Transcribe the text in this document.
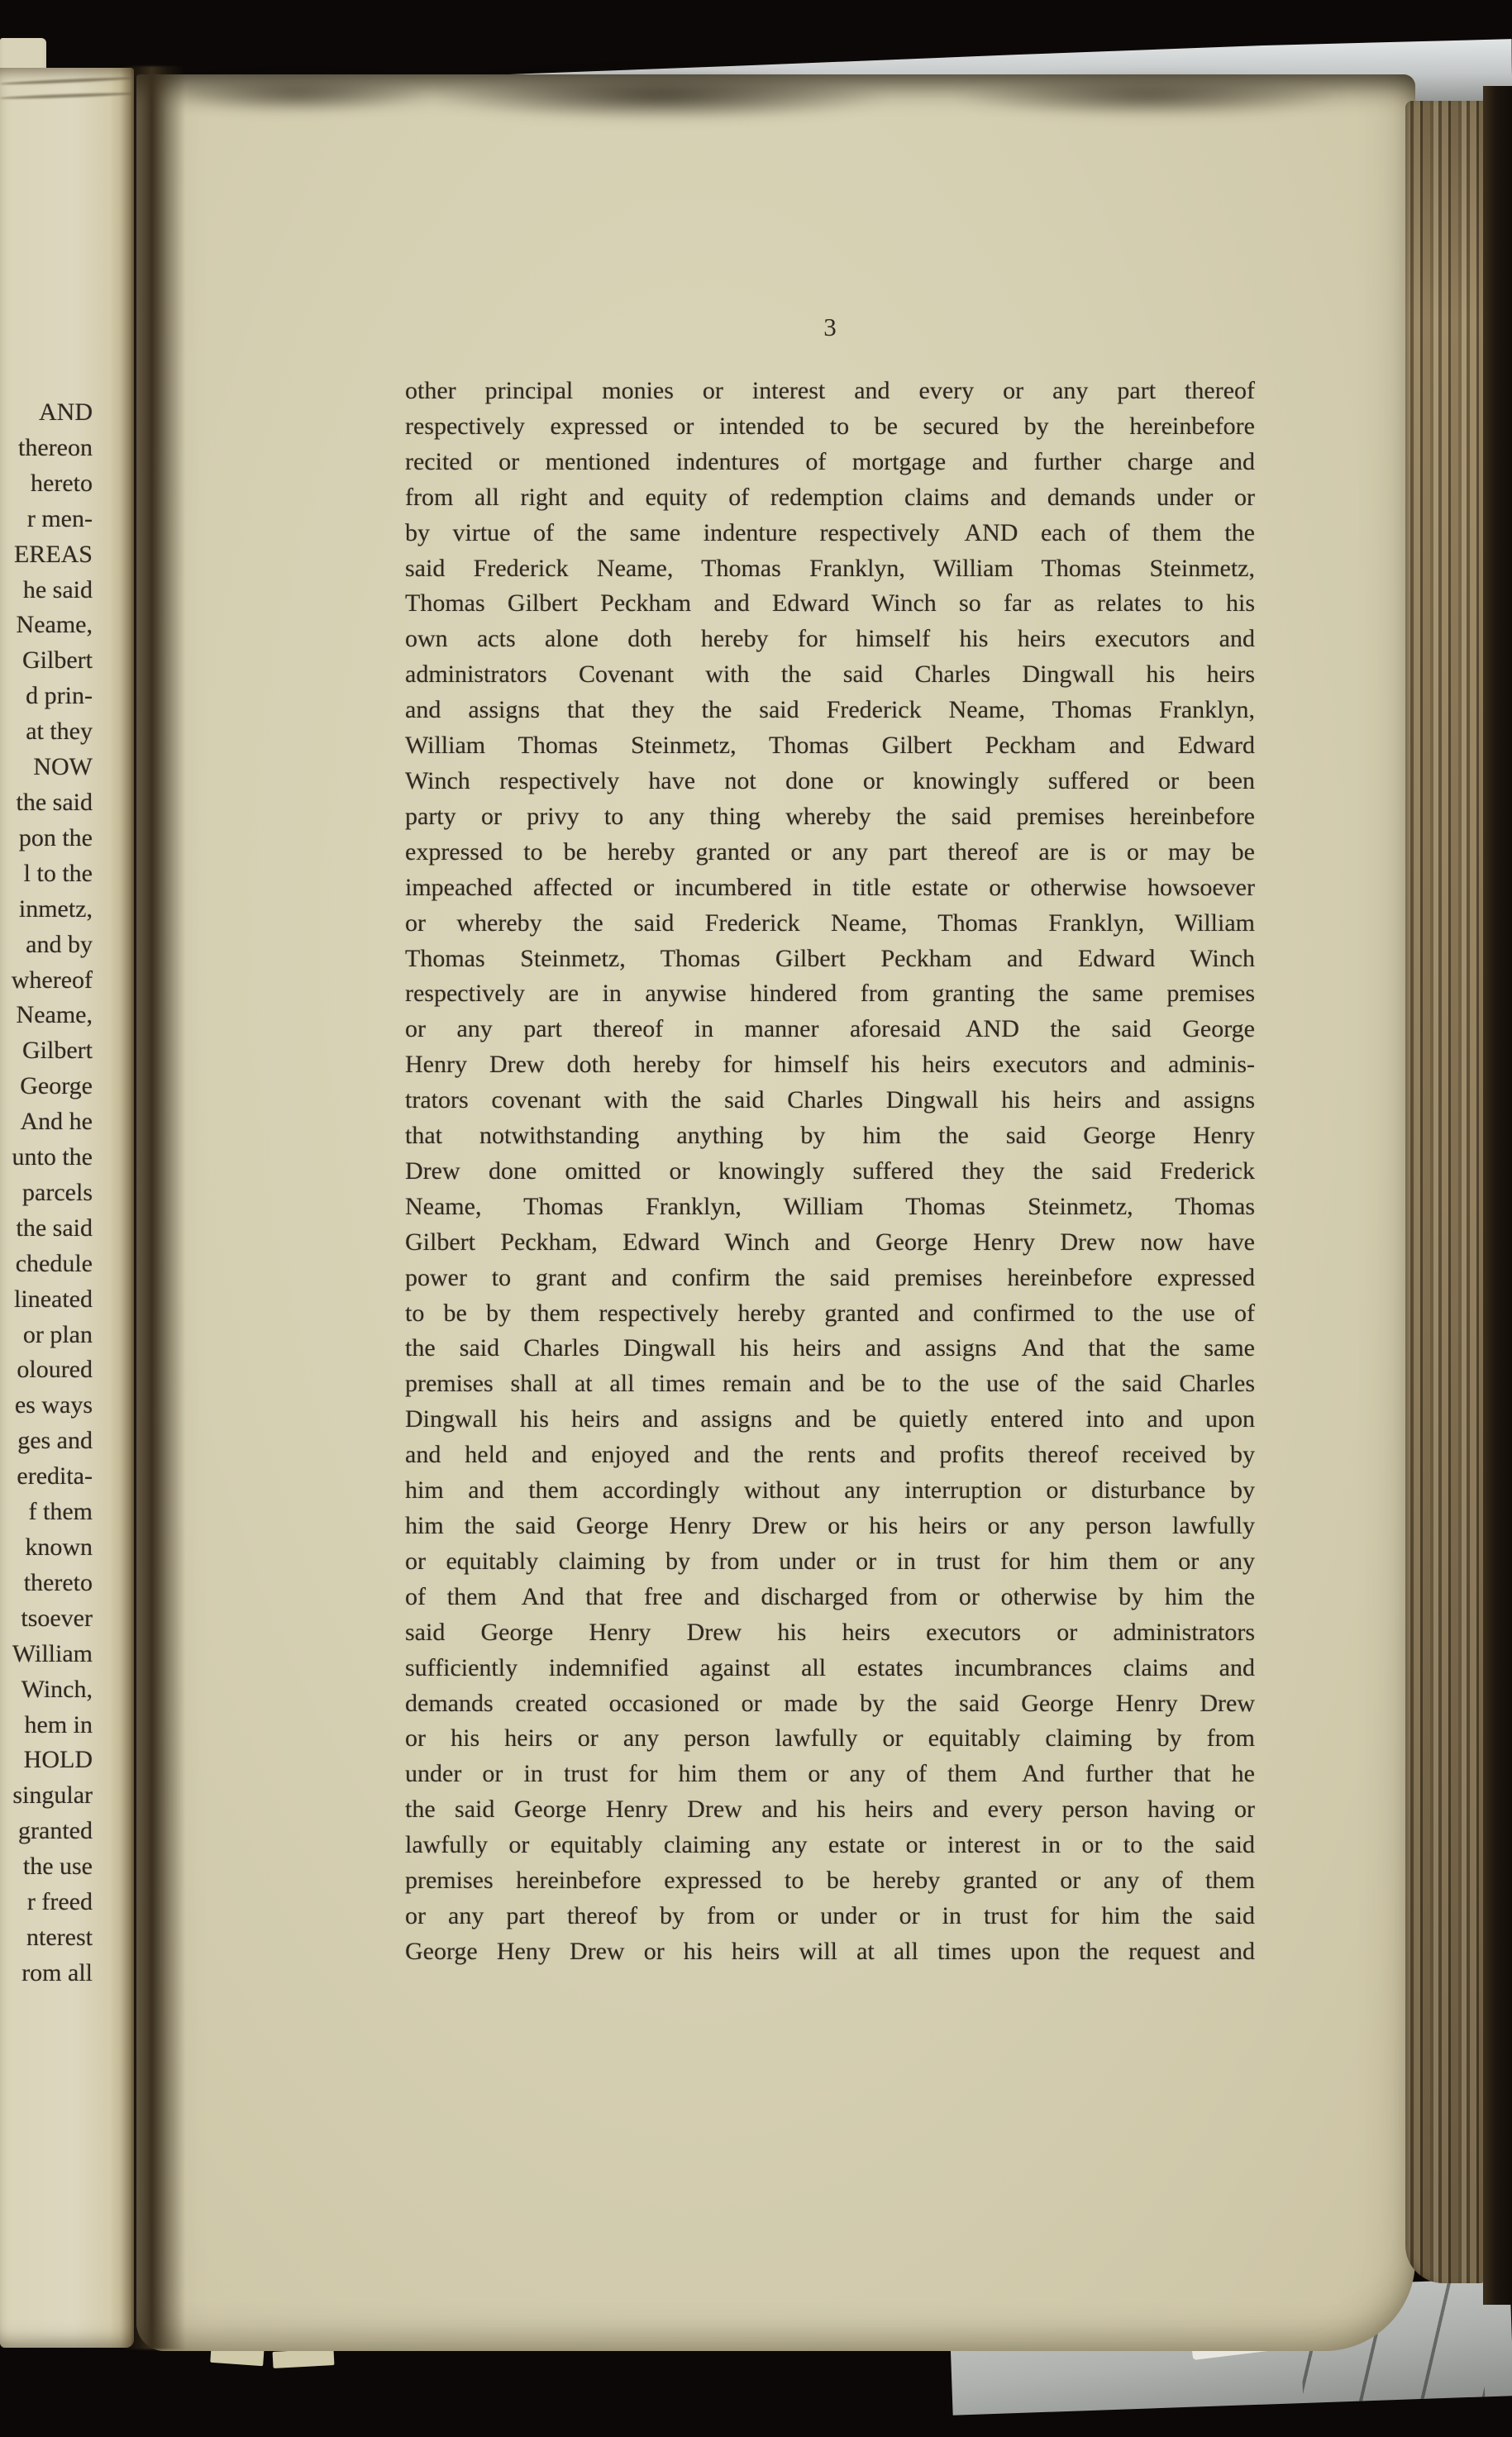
3
other principal monies or interest and every or any part thereof
respectively expressed or intended to be secured by the hereinbefore
recited or mentioned indentures of mortgage and further charge and
from all right and equity of redemption claims and demands under or
by virtue of the same indenture respectively AND each of them the
said Frederick Neame, Thomas Franklyn, William Thomas Steinmetz,
Thomas Gilbert Peckham and Edward Winch so far as relates to his
own acts alone doth hereby for himself his heirs executors and
administrators Covenant with the said Charles Dingwall his heirs
and assigns that they the said Frederick Neame, Thomas Franklyn,
William Thomas Steinmetz, Thomas Gilbert Peckham and Edward
Winch respectively have not done or knowingly suffered or been
party or privy to any thing whereby the said premises hereinbefore
expressed to be hereby granted or any part thereof are is or may be
impeached affected or incumbered in title estate or otherwise howsoever
or whereby the said Frederick Neame, Thomas Franklyn, William
Thomas Steinmetz, Thomas Gilbert Peckham and Edward Winch
respectively are in anywise hindered from granting the same premises
or any part thereof in manner aforesaid AND the said George
Henry Drew doth hereby for himself his heirs executors and adminis-
trators covenant with the said Charles Dingwall his heirs and assigns
that notwithstanding anything by him the said George Henry
Drew done omitted or knowingly suffered they the said Frederick
Neame, Thomas Franklyn, William Thomas Steinmetz, Thomas
Gilbert Peckham, Edward Winch and George Henry Drew now have
power to grant and confirm the said premises hereinbefore expressed
to be by them respectively hereby granted and confirmed to the use of
the said Charles Dingwall his heirs and assigns And that the same
premises shall at all times remain and be to the use of the said Charles
Dingwall his heirs and assigns and be quietly entered into and upon
and held and enjoyed and the rents and profits thereof received by
him and them accordingly without any interruption or disturbance by
him the said George Henry Drew or his heirs or any person lawfully
or equitably claiming by from under or in trust for him them or any
of them And that free and discharged from or otherwise by him the
said George Henry Drew his heirs executors or administrators
sufficiently indemnified against all estates incumbrances claims and
demands created occasioned or made by the said George Henry Drew
or his heirs or any person lawfully or equitably claiming by from
under or in trust for him them or any of them And further that he
the said George Henry Drew and his heirs and every person having or
lawfully or equitably claiming any estate or interest in or to the said
premises hereinbefore expressed to be hereby granted or any of them
or any part thereof by from or under or in trust for him the said
George Heny Drew or his heirs will at all times upon the request and
AND
thereon
hereto
r men-
EREAS
he said
Neame,
Gilbert
d prin-
at they
NOW
the said
pon the
l to the
inmetz,
and by
whereof
Neame,
Gilbert
George
And he
unto the
parcels
the said
chedule
lineated
or plan
oloured
es ways
ges and
eredita-
f them
known
thereto
tsoever
William
Winch,
hem in
HOLD
singular
granted
the use
r freed
nterest
rom all
